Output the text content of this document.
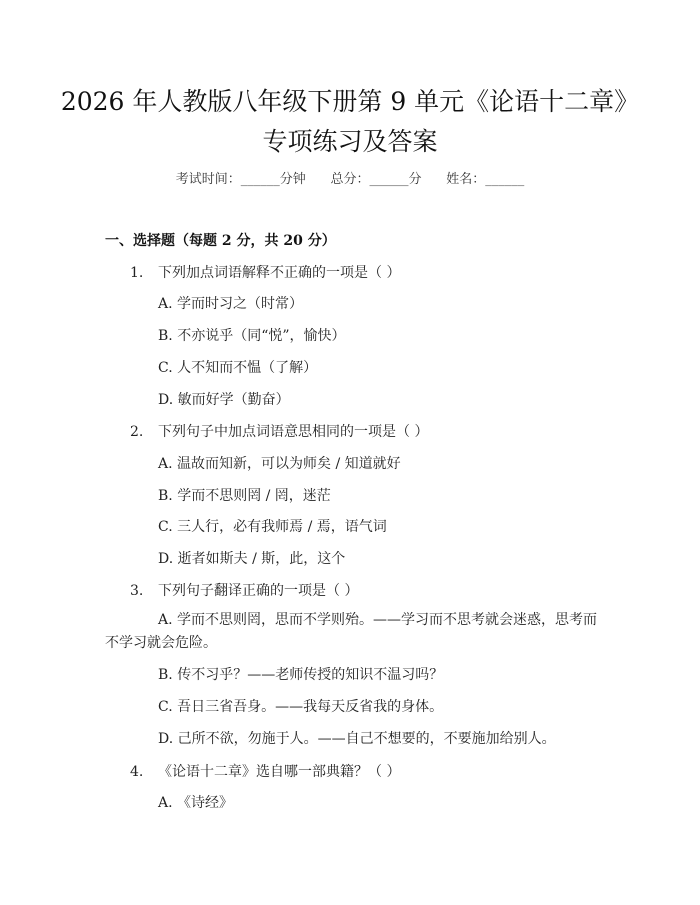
2026 年人教版八年级下册第 9 单元《论语十二章》专项练习及答案
考试时间：______分钟      总分：______分      姓名：______
一、选择题（每题 2 分，共 20 分）
1. 下列加点词语解释不正确的一项是（ ）
A. 学而时习之（时常）
B. 不亦说乎（同“悦”，愉快）
C. 人不知而不愠（了解）
D. 敏而好学（勤奋）
2. 下列句子中加点词语意思相同的一项是（ ）
A. 温故而知新，可以为师矣 / 知道就好
B. 学而不思则罔 / 罔，迷茫
C. 三人行，必有我师焉 / 焉，语气词
D. 逝者如斯夫 / 斯，此，这个
3. 下列句子翻译正确的一项是（ ）
A. 学而不思则罔，思而不学则殆。——学习而不思考就会迷惑，思考而不学习就会危险。
B. 传不习乎？——老师传授的知识不温习吗？
C. 吾日三省吾身。——我每天反省我的身体。
D. 己所不欲，勿施于人。——自己不想要的，不要施加给别人。
4. 《论语十二章》选自哪一部典籍？（ ）
A. 《诗经》
